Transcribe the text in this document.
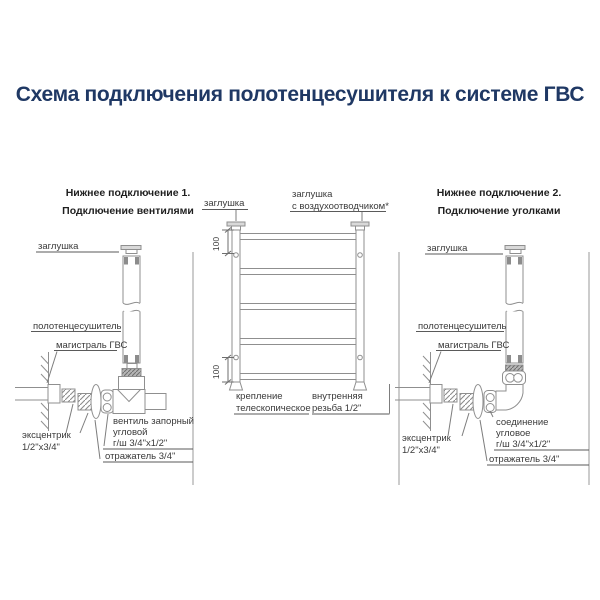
Схема подключения полотенцесушителя к системе ГВС
Нижнее подключение 1.
Подключение вентилями
заглушка
полотенцесушитель
магистраль ГВС
эксцентрик
1/2"x3/4"
вентиль запорный
угловой
г/ш 3/4"x1/2"
отражатель 3/4"
заглушка
заглушка
с воздухоотводчиком*
100
100
крепление
телескопическое
внутренняя
резьба 1/2"
Нижнее подключение 2.
Подключение уголками
заглушка
полотенцесушитель
магистраль ГВС
эксцентрик
1/2"x3/4"
соединение
угловое
г/ш 3/4"x1/2"
отражатель 3/4"
